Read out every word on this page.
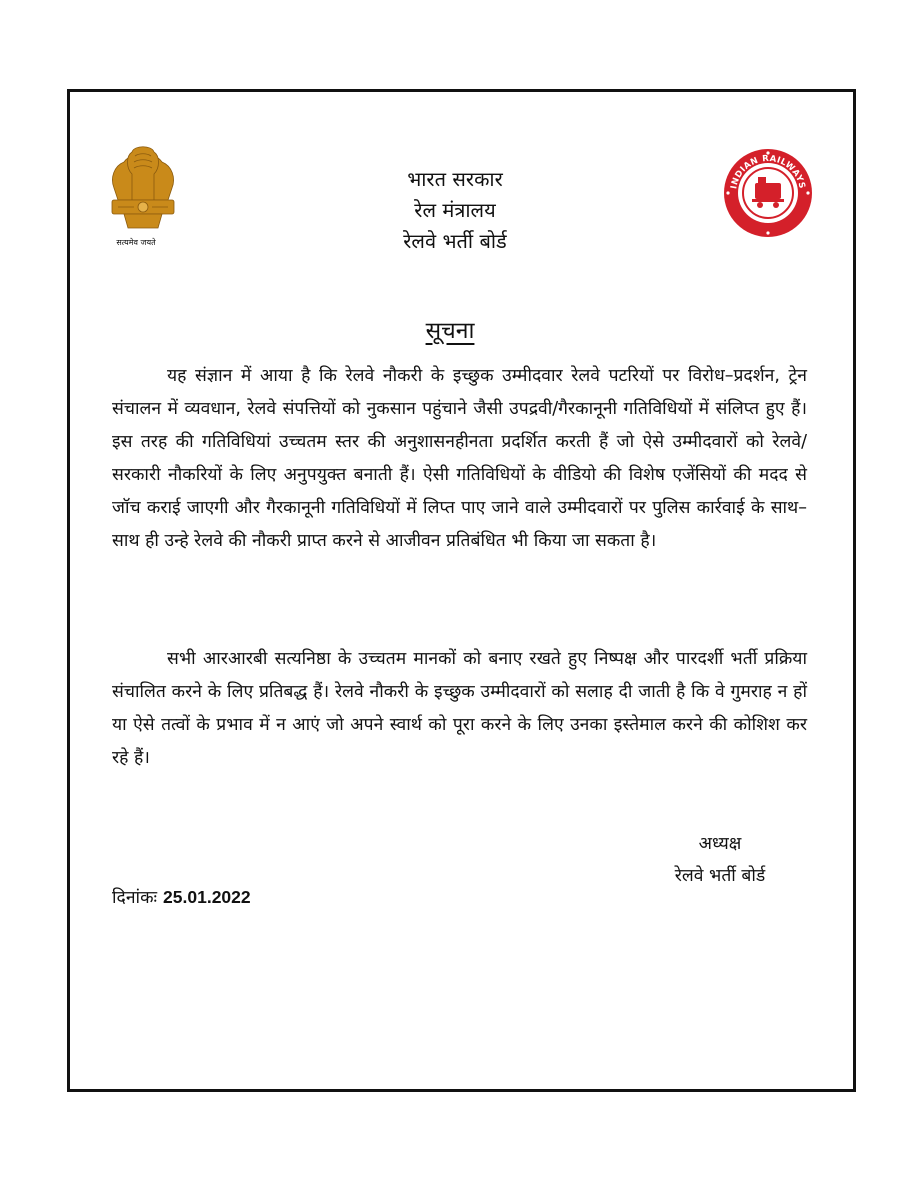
सत्यमेव जयते
INDIAN RAILWAYS
भारत सरकार
रेल मंत्रालय
रेलवे भर्ती बोर्ड
सूचना

यह संज्ञान में आया है कि रेलवे नौकरी के इच्छुक उम्मीदवार रेलवे पटरियों पर विरोध–प्रदर्शन, ट्रेन संचालन में व्यवधान, रेलवे संपत्तियों को नुकसान पहुंचाने जैसी उपद्रवी/गैरकानूनी गतिविधियों में संलिप्त हुए हैं। इस तरह की गतिविधियां उच्चतम स्तर की अनुशासनहीनता प्रदर्शित करती हैं जो ऐसे उम्मीदवारों को रेलवे/सरकारी नौकरियों के लिए अनुपयुक्त बनाती हैं। ऐसी गतिविधियों के वीडियो की विशेष एजेंसियों की मदद से जॉच कराई जाएगी और गैरकानूनी गतिविधियों में लिप्त पाए जाने वाले उम्मीदवारों पर पुलिस कार्रवाई के साथ–साथ ही उन्हे रेलवे की नौकरी प्राप्त करने से आजीवन प्रतिबंधित भी किया जा सकता है।

सभी आरआरबी सत्यनिष्ठा के उच्चतम मानकों को बनाए रखते हुए निष्पक्ष और पारदर्शी भर्ती प्रक्रिया संचालित करने के लिए प्रतिबद्ध हैं। रेलवे नौकरी के इच्छुक उम्मीदवारों को सलाह दी जाती है कि वे गुमराह न हों या ऐसे तत्वों के प्रभाव में न आएं जो अपने स्वार्थ को पूरा करने के लिए उनका इस्तेमाल करने की कोशिश कर रहे हैं।

अध्यक्ष
रेलवे भर्ती बोर्ड
दिनांकः 25.01.2022
